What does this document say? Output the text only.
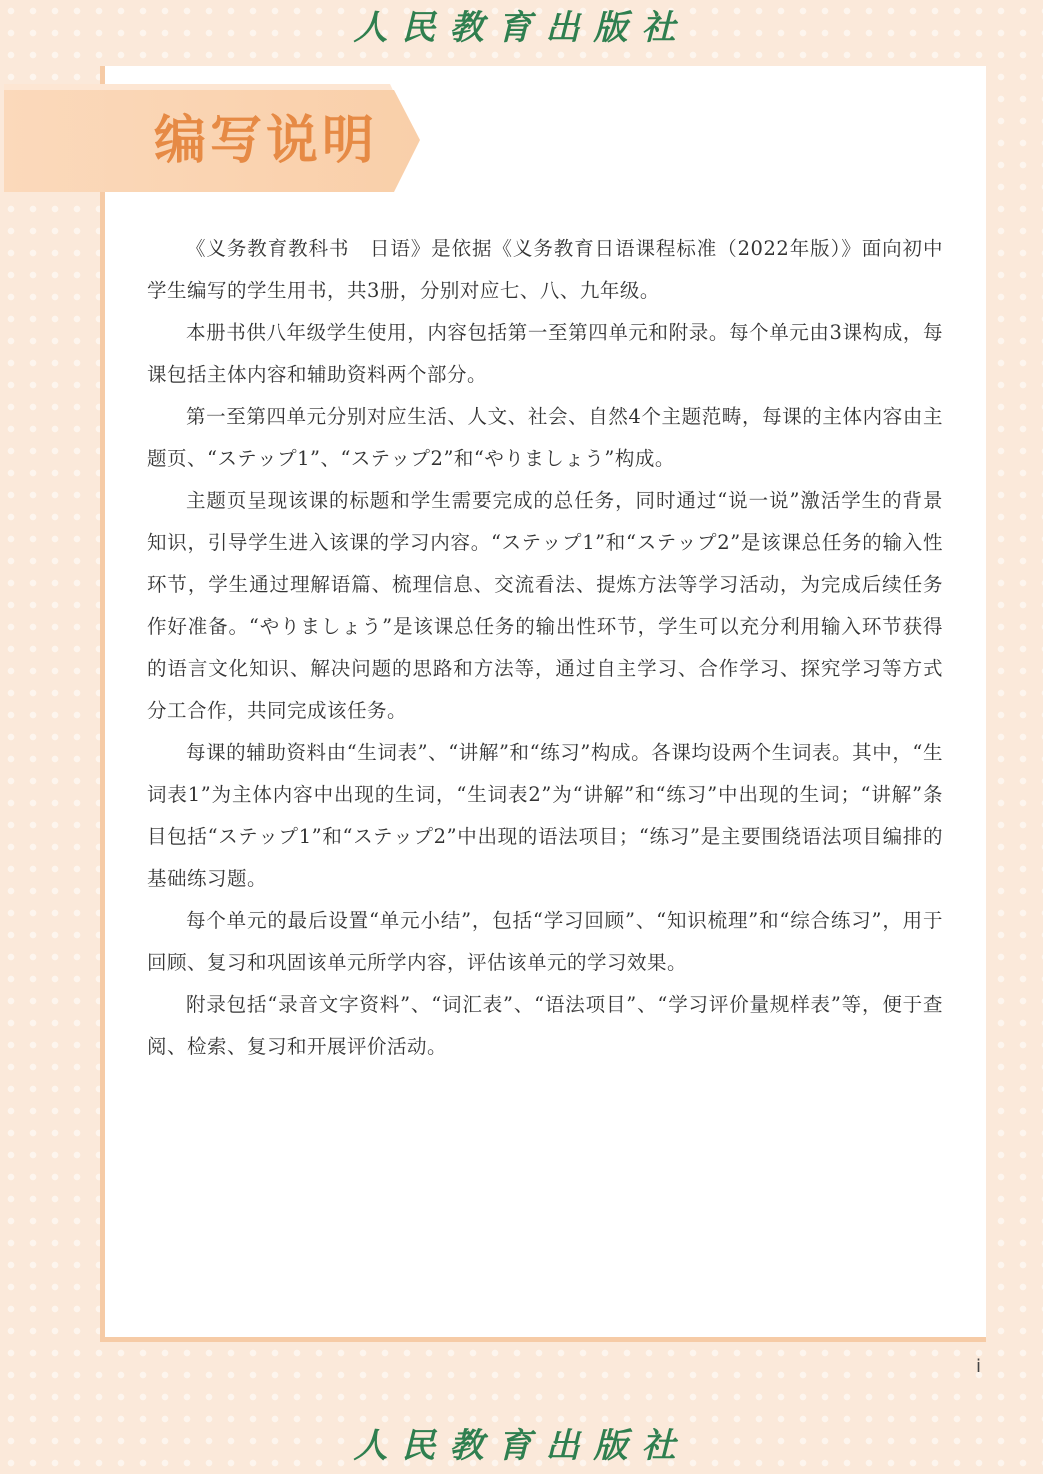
人民教育出版社
编写说明

《义务教育教科书　日语》是依据《义务教育日语课程标准（2022年版）》面向初中学生编写的学生用书，共3册，分别对应七、八、九年级。

本册书供八年级学生使用，内容包括第一至第四单元和附录。每个单元由3课构成，每课包括主体内容和辅助资料两个部分。

第一至第四单元分别对应生活、人文、社会、自然4个主题范畴，每课的主体内容由主题页、“ステップ1”、“ステップ2”和“やりましょう”构成。

主题页呈现该课的标题和学生需要完成的总任务，同时通过“说一说”激活学生的背景知识，引导学生进入该课的学习内容。“ステップ1”和“ステップ2”是该课总任务的输入性环节，学生通过理解语篇、梳理信息、交流看法、提炼方法等学习活动，为完成后续任务作好准备。“やりましょう”是该课总任务的输出性环节，学生可以充分利用输入环节获得的语言文化知识、解决问题的思路和方法等，通过自主学习、合作学习、探究学习等方式分工合作，共同完成该任务。

每课的辅助资料由“生词表”、“讲解”和“练习”构成。各课均设两个生词表。其中，“生词表1”为主体内容中出现的生词，“生词表2”为“讲解”和“练习”中出现的生词；“讲解”条目包括“ステップ1”和“ステップ2”中出现的语法项目；“练习”是主要围绕语法项目编排的基础练习题。

每个单元的最后设置“单元小结”，包括“学习回顾”、“知识梳理”和“综合练习”，用于回顾、复习和巩固该单元所学内容，评估该单元的学习效果。

附录包括“录音文字资料”、“词汇表”、“语法项目”、“学习评价量规样表”等，便于查阅、检索、复习和开展评价活动。

i
人民教育出版社
